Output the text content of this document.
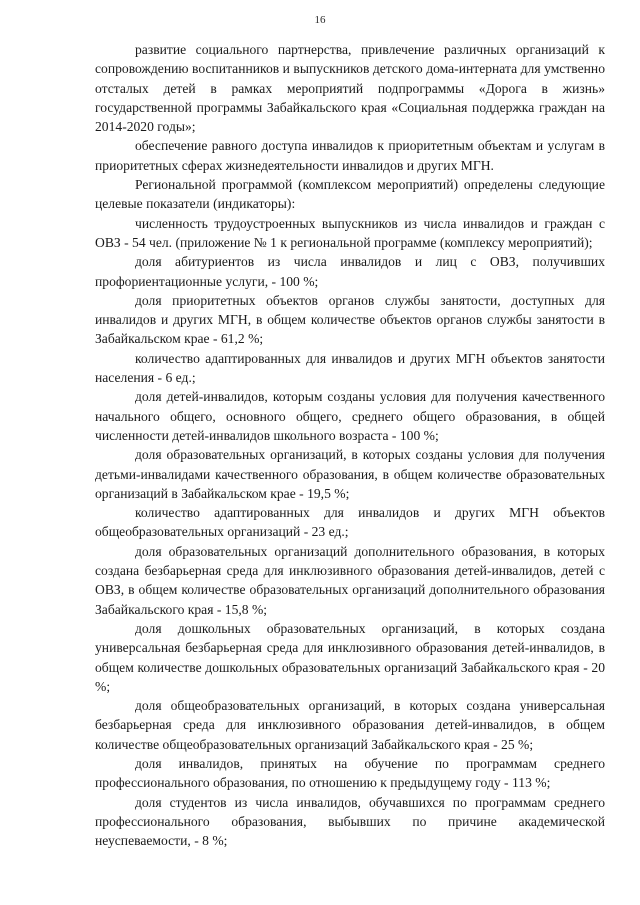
16

развитие социального партнерства, привлечение различных организаций к сопровождению воспитанников и выпускников детского дома-интерната для умственно отсталых детей в рамках мероприятий подпрограммы «Дорога в жизнь» государственной программы Забайкальского края «Социальная поддержка граждан на 2014-2020 годы»;

обеспечение равного доступа инвалидов к приоритетным объектам и услугам в приоритетных сферах жизнедеятельности инвалидов и других МГН.

Региональной программой (комплексом мероприятий) определены следующие целевые показатели (индикаторы):

численность трудоустроенных выпускников из числа инвалидов и граждан с ОВЗ - 54 чел. (приложение № 1 к региональной программе (комплексу мероприятий);

доля абитуриентов из числа инвалидов и лиц с ОВЗ, получивших профориентационные услуги, - 100 %;

доля приоритетных объектов органов службы занятости, доступных для инвалидов и других МГН, в общем количестве объектов органов службы занятости в Забайкальском крае - 61,2 %;

количество адаптированных для инвалидов и других МГН объектов занятости населения - 6 ед.;

доля детей-инвалидов, которым созданы условия для получения качественного начального общего, основного общего, среднего общего образования, в общей численности детей-инвалидов школьного возраста - 100 %;

доля образовательных организаций, в которых созданы условия для получения детьми-инвалидами качественного образования, в общем количестве образовательных организаций в Забайкальском крае - 19,5 %;

количество адаптированных для инвалидов и других МГН объектов общеобразовательных организаций - 23 ед.;

доля образовательных организаций дополнительного образования, в которых создана безбарьерная среда для инклюзивного образования детей-инвалидов, детей с ОВЗ, в общем количестве образовательных организаций дополнительного образования Забайкальского края - 15,8 %;

доля дошкольных образовательных организаций, в которых создана универсальная безбарьерная среда для инклюзивного образования детей-инвалидов, в общем количестве дошкольных образовательных организаций Забайкальского края - 20 %;

доля общеобразовательных организаций, в которых создана универсальная безбарьерная среда для инклюзивного образования детей-инвалидов, в общем количестве общеобразовательных организаций Забайкальского края - 25 %;

доля инвалидов, принятых на обучение по программам среднего профессионального образования, по отношению к предыдущему году - 113 %;

доля студентов из числа инвалидов, обучавшихся по программам среднего профессионального образования, выбывших по причине академической неуспеваемости, - 8 %;
